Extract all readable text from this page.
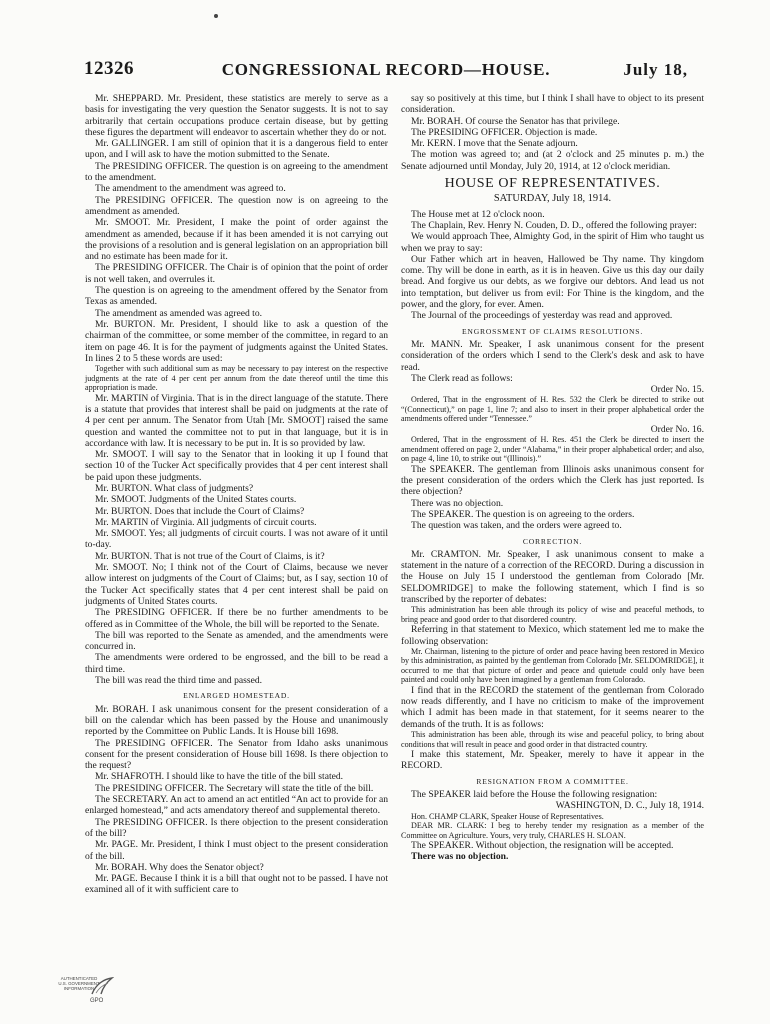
12326	CONGRESSIONAL RECORD—HOUSE.	July 18,

Mr. SHEPPARD. Mr. President, these statistics are merely to serve as a basis for investigating the very question the Senator suggests. It is not to say arbitrarily that certain occupations produce certain disease, but by getting these figures the department will endeavor to ascertain whether they do or not.

Mr. GALLINGER. I am still of opinion that it is a dangerous field to enter upon, and I will ask to have the motion submitted to the Senate.

The PRESIDING OFFICER. The question is on agreeing to the amendment to the amendment.

The amendment to the amendment was agreed to.

The PRESIDING OFFICER. The question now is on agreeing to the amendment as amended.

Mr. SMOOT. Mr. President, I make the point of order against the amendment as amended, because if it has been amended it is not carrying out the provisions of a resolution and is general legislation on an appropriation bill and no estimate has been made for it.

The PRESIDING OFFICER. The Chair is of opinion that the point of order is not well taken, and overrules it.

The question is on agreeing to the amendment offered by the Senator from Texas as amended.

The amendment as amended was agreed to.

Mr. BURTON. Mr. President, I should like to ask a question of the chairman of the committee, or some member of the committee, in regard to an item on page 46. It is for the payment of judgments against the United States. In lines 2 to 5 these words are used:

Together with such additional sum as may be necessary to pay interest on the respective judgments at the rate of 4 per cent per annum from the date thereof until the time this appropriation is made.

Mr. MARTIN of Virginia. That is in the direct language of the statute. There is a statute that provides that interest shall be paid on judgments at the rate of 4 per cent per annum. The Senator from Utah [Mr. SMOOT] raised the same question and wanted the committee not to put in that language, but it is in accordance with law. It is necessary to be put in. It is so provided by law.

Mr. SMOOT. I will say to the Senator that in looking it up I found that section 10 of the Tucker Act specifically provides that 4 per cent interest shall be paid upon these judgments.

Mr. BURTON. What class of judgments?

Mr. SMOOT. Judgments of the United States courts.

Mr. BURTON. Does that include the Court of Claims?

Mr. MARTIN of Virginia. All judgments of circuit courts.

Mr. SMOOT. Yes; all judgments of circuit courts. I was not aware of it until to-day.

Mr. BURTON. That is not true of the Court of Claims, is it?

Mr. SMOOT. No; I think not of the Court of Claims, because we never allow interest on judgments of the Court of Claims; but, as I say, section 10 of the Tucker Act specifically states that 4 per cent interest shall be paid on judgments of United States courts.

The PRESIDING OFFICER. If there be no further amendments to be offered as in Committee of the Whole, the bill will be reported to the Senate.

The bill was reported to the Senate as amended, and the amendments were concurred in.

The amendments were ordered to be engrossed, and the bill to be read a third time.

The bill was read the third time and passed.

ENLARGED HOMESTEAD.

Mr. BORAH. I ask unanimous consent for the present consideration of a bill on the calendar which has been passed by the House and unanimously reported by the Committee on Public Lands. It is House bill 1698.

The PRESIDING OFFICER. The Senator from Idaho asks unanimous consent for the present consideration of House bill 1698. Is there objection to the request?

Mr. SHAFROTH. I should like to have the title of the bill stated.

The PRESIDING OFFICER. The Secretary will state the title of the bill.

The SECRETARY. An act to amend an act entitled “An act to provide for an enlarged homestead,” and acts amendatory thereof and supplemental thereto.

The PRESIDING OFFICER. Is there objection to the present consideration of the bill?

Mr. PAGE. Mr. President, I think I must object to the present consideration of the bill.

Mr. BORAH. Why does the Senator object?

Mr. PAGE. Because I think it is a bill that ought not to be passed. I have not examined all of it with sufficient care to

say so positively at this time, but I think I shall have to object to its present consideration.

Mr. BORAH. Of course the Senator has that privilege.

The PRESIDING OFFICER. Objection is made.

Mr. KERN. I move that the Senate adjourn.

The motion was agreed to; and (at 2 o'clock and 25 minutes p. m.) the Senate adjourned until Monday, July 20, 1914, at 12 o'clock meridian.

HOUSE OF REPRESENTATIVES.
SATURDAY, July 18, 1914.

The House met at 12 o'clock noon.

The Chaplain, Rev. Henry N. Couden, D. D., offered the following prayer:

We would approach Thee, Almighty God, in the spirit of Him who taught us when we pray to say:

Our Father which art in heaven, Hallowed be Thy name. Thy kingdom come. Thy will be done in earth, as it is in heaven. Give us this day our daily bread. And forgive us our debts, as we forgive our debtors. And lead us not into temptation, but deliver us from evil: For Thine is the kingdom, and the power, and the glory, for ever. Amen.

The Journal of the proceedings of yesterday was read and approved.

ENGROSSMENT OF CLAIMS RESOLUTIONS.

Mr. MANN. Mr. Speaker, I ask unanimous consent for the present consideration of the orders which I send to the Clerk's desk and ask to have read.

The Clerk read as follows:

Order No. 15.

Ordered, That in the engrossment of H. Res. 532 the Clerk be directed to strike out “(Connecticut),” on page 1, line 7; and also to insert in their proper alphabetical order the amendments offered under “Tennessee.”

Order No. 16.

Ordered, That in the engrossment of H. Res. 451 the Clerk be directed to insert the amendment offered on page 2, under “Alabama,” in their proper alphabetical order; and also, on page 4, line 10, to strike out “(Illinois).”

The SPEAKER. The gentleman from Illinois asks unanimous consent for the present consideration of the orders which the Clerk has just reported. Is there objection?

There was no objection.

The SPEAKER. The question is on agreeing to the orders.

The question was taken, and the orders were agreed to.

CORRECTION.

Mr. CRAMTON. Mr. Speaker, I ask unanimous consent to make a statement in the nature of a correction of the RECORD. During a discussion in the House on July 15 I understood the gentleman from Colorado [Mr. SELDOMRIDGE] to make the following statement, which I find is so transcribed by the reporter of debates:

This administration has been able through its policy of wise and peaceful methods, to bring peace and good order to that disordered country.

Referring in that statement to Mexico, which statement led me to make the following observation:

Mr. Chairman, listening to the picture of order and peace having been restored in Mexico by this administration, as painted by the gentleman from Colorado [Mr. SELDOMRIDGE], it occurred to me that that picture of order and peace and quietude could only have been painted and could only have been imagined by a gentleman from Colorado.

I find that in the RECORD the statement of the gentleman from Colorado now reads differently, and I have no criticism to make of the improvement which I admit has been made in that statement, for it seems nearer to the demands of the truth. It is as follows:

This administration has been able, through its wise and peaceful policy, to bring about conditions that will result in peace and good order in that distracted country.

I make this statement, Mr. Speaker, merely to have it appear in the RECORD.

RESIGNATION FROM A COMMITTEE.

The SPEAKER laid before the House the following resignation:

WASHINGTON, D. C., July 18, 1914.

Hon. CHAMP CLARK, Speaker House of Representatives.

DEAR MR. CLARK: I beg to hereby tender my resignation as a member of the Committee on Agriculture. Yours, very truly, CHARLES H. SLOAN.

The SPEAKER. Without objection, the resignation will be accepted.

There was no objection.

AUTHENTICATED U.S. GOVERNMENT INFORMATION
GPO
